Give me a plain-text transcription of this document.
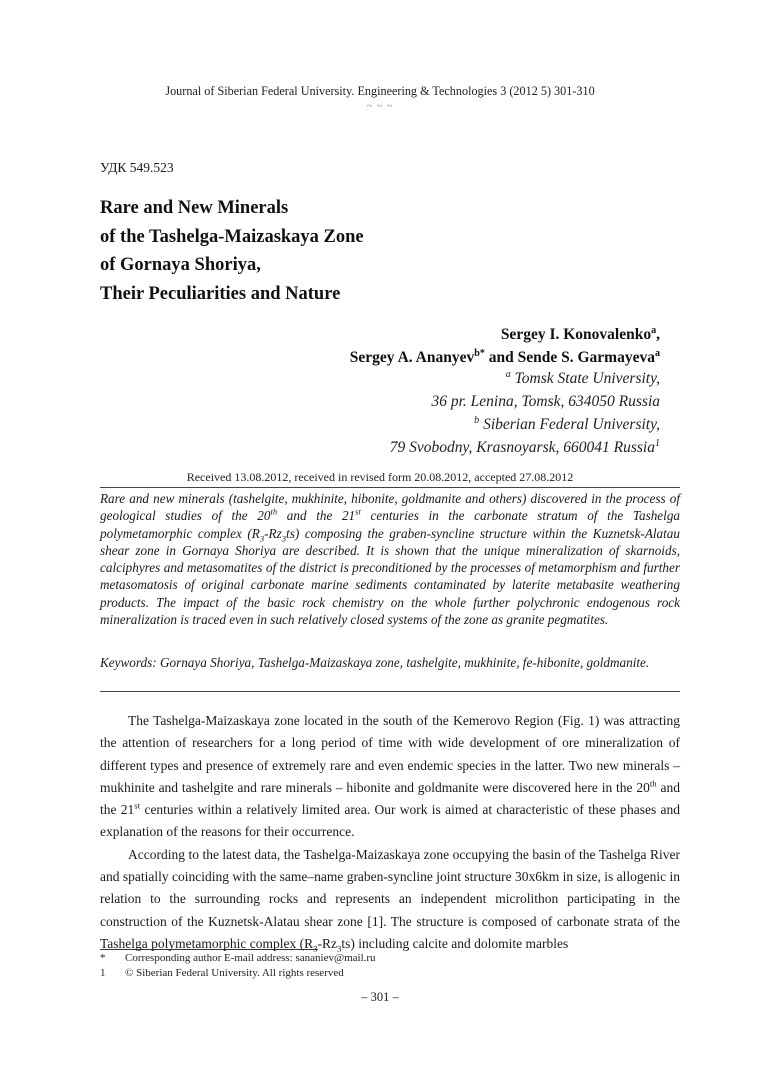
Journal of Siberian Federal University. Engineering & Technologies 3 (2012 5) 301-310
~ ~ ~
УДК 549.523
Rare and New Minerals
of the Tashelga-Maizaskaya Zone
of Gornaya Shoriya,
Their Peculiarities and Nature
Sergey I. Konovalenko$^a$,
Sergey A. Ananyev$^{b*}$ and Sende S. Garmayeva$^a$
$^a$ Tomsk State University,
36 pr. Lenina, Tomsk, 634050 Russia
$^b$ Siberian Federal University,
79 Svobodny, Krasnoyarsk, 660041 Russia$^1$
Received 13.08.2012, received in revised form 20.08.2012, accepted 27.08.2012
Rare and new minerals (tashelgite, mukhinite, hibonite, goldmanite and others) discovered in the process of geological studies of the 20th and the 21st centuries in the carbonate stratum of the Tashelga polymetamorphic complex $(R_3-Rz_3ts)$ composing the graben-syncline structure within the Kuznetsk-Alatau shear zone in Gornaya Shoriya are described. It is shown that the unique mineralization of skarnoids, calciphyres and metasomatites of the district is preconditioned by the processes of metamorphism and further metasomatosis of original carbonate marine sediments contaminated by laterite metabasite weathering products. The impact of the basic rock chemistry on the whole further polychronic endogenous rock mineralization is traced even in such relatively closed systems of the zone as granite pegmatites.
Keywords: Gornaya Shoriya, Tashelga-Maizaskaya zone, tashelgite, mukhinite, fe-hibonite, goldmanite.

The Tashelga-Maizaskaya zone located in the south of the Kemerovo Region (Fig. 1) was attracting the attention of researchers for a long period of time with wide development of ore mineralization of different types and presence of extremely rare and even endemic species in the latter. Two new minerals – mukhinite and tashelgite and rare minerals – hibonite and goldmanite were discovered here in the 20th and the 21st centuries within a relatively limited area. Our work is aimed at characteristic of these phases and explanation of the reasons for their occurrence.

According to the latest data, the Tashelga-Maizaskaya zone occupying the basin of the Tashelga River and spatially coinciding with the same–name graben-syncline joint structure 30x6km in size, is allogenic in relation to the surrounding rocks and represents an independent microlithon participating in the construction of the Kuznetsk-Alatau shear zone [1]. The structure is composed of carbonate strata of the Tashelga polymetamorphic complex $(R_3-Rz_3ts)$ including calcite and dolomite marbles

*	Corresponding author E-mail address: sananiev@mail.ru
1	© Siberian Federal University. All rights reserved
– 301 –
